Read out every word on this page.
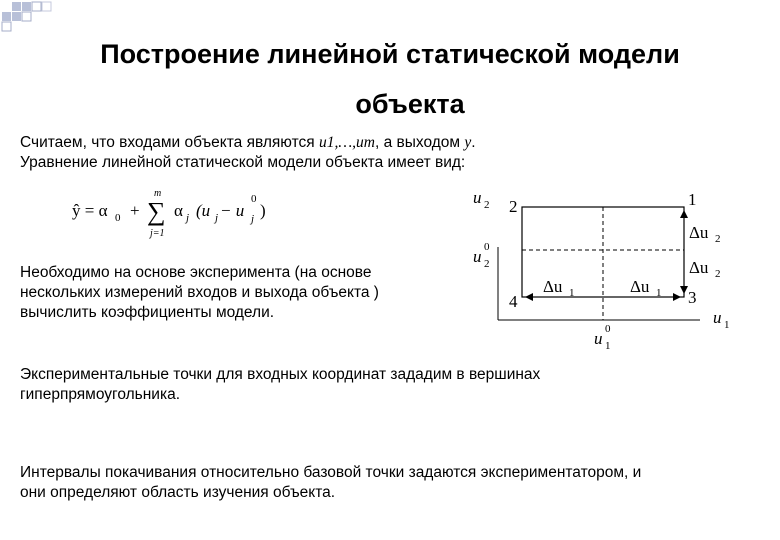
Построение линейной статической модели
объекта
Считаем, что входами объекта являются u1,…,um, а выходом y.
Уравнение линейной статической модели объекта имеет вид:
ŷ = α 0 +
m
∑
j=1
α j (u j − u
0
j )
Необходимо на основе эксперимента (на основе
нескольких измерений входов и выхода объекта )
вычислить коэффициенты модели.
u 2
u 0
2
1
2
3
4
Δu 2
Δu 2
Δu 1	Δu 1
u 1
u 0
1
Экспериментальные точки для входных координат зададим в вершинах
гиперпрямоугольника.
Интервалы покачивания относительно базовой точки задаются экспериментатором, и
они определяют область изучения объекта.
